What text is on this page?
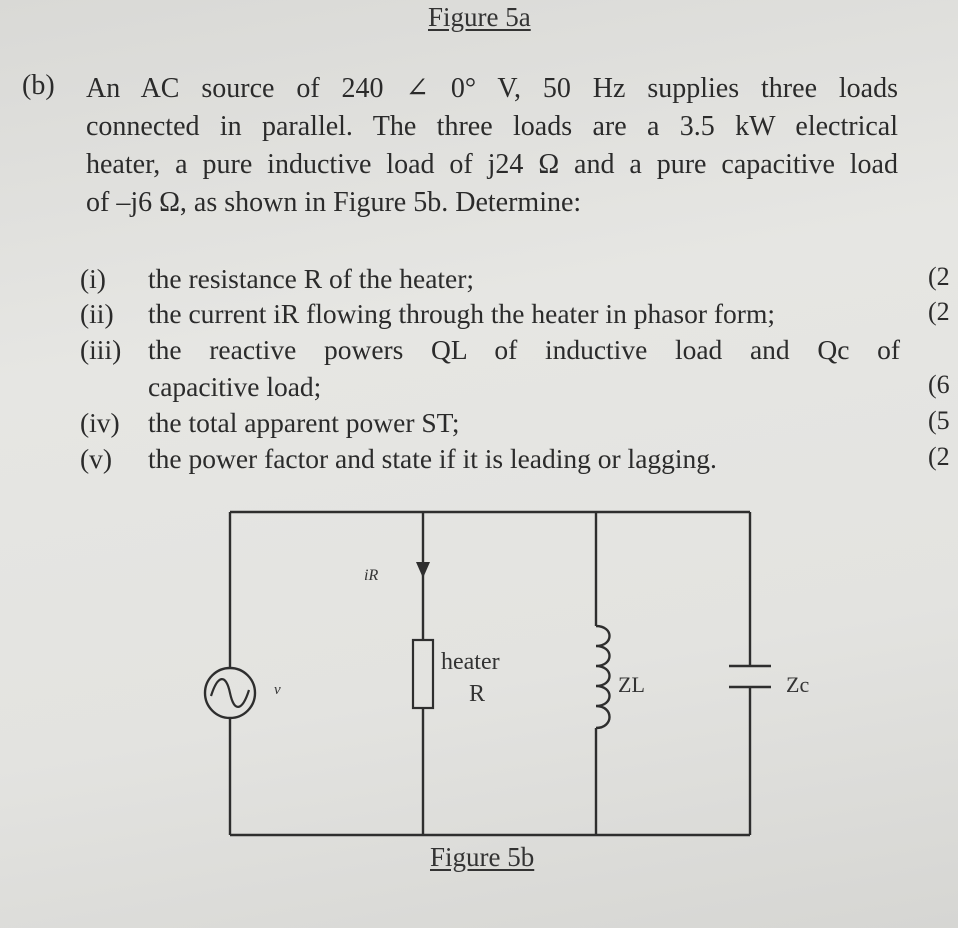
Figure 5a
(b) An AC source of 240 ∠ 0° V, 50 Hz supplies three loads

connected in parallel. The three loads are a 3.5 kW electrical

heater, a pure inductive load of j24 Ω and a pure capacitive load

of –j6 Ω, as shown in Figure 5b. Determine:

(i) the resistance R of the heater;
(ii) the current iR flowing through the heater in phasor form;
(iii) the reactive powers QL of inductive load and Qc of
capacitive load;
(iv) the total apparent power ST;
(v) the power factor and state if it is leading or lagging.
(2
(2
(6
(5
(2
v
iR
heater
R	ZL	Zc
Figure 5b
